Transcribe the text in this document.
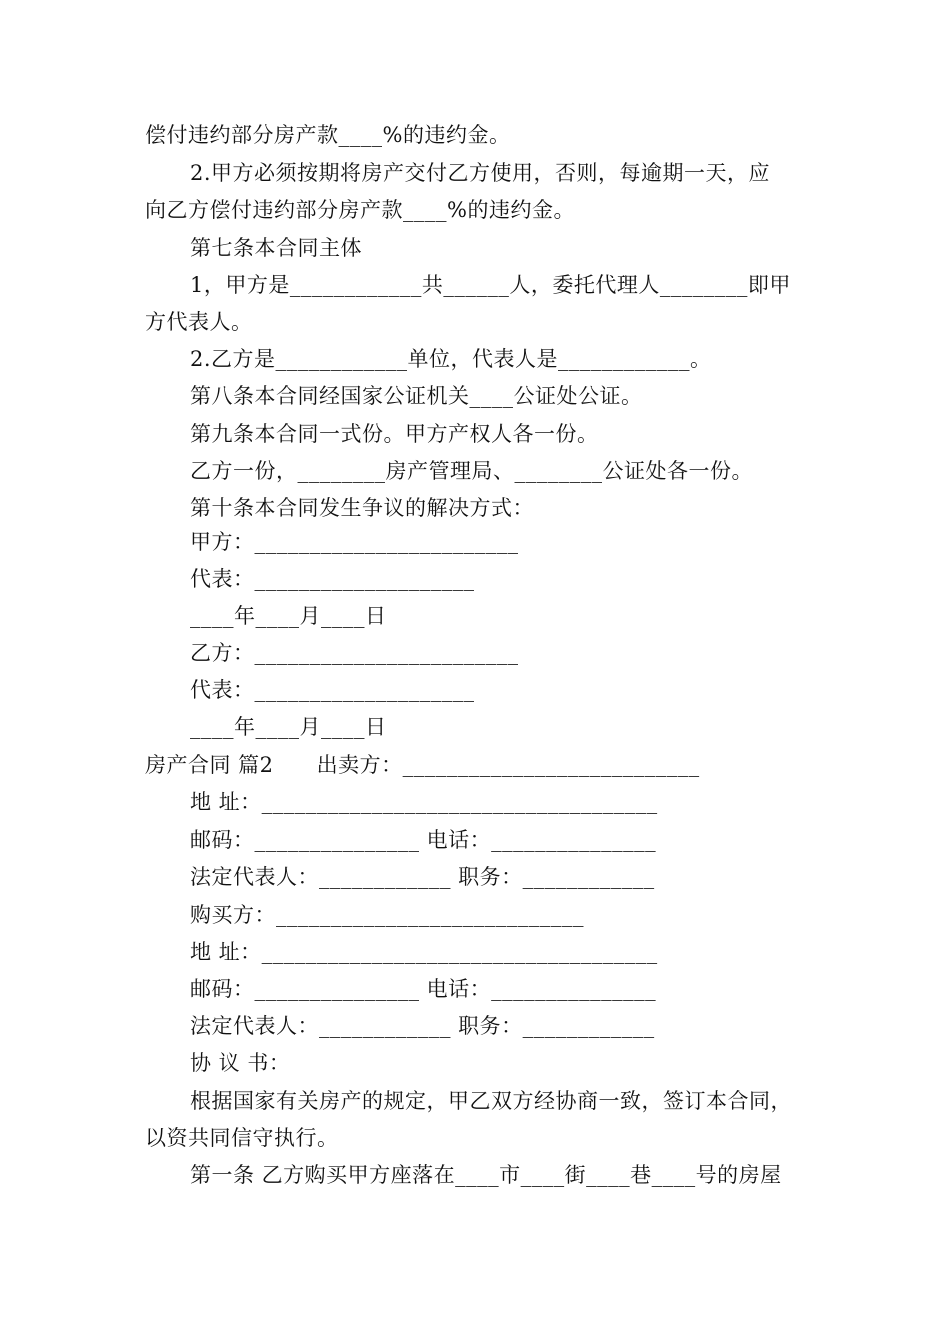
偿付违约部分房产款____%的违约金。
2.甲方必须按期将房产交付乙方使用，否则，每逾期一天，应
向乙方偿付违约部分房产款____%的违约金。
第七条本合同主体
1，甲方是____________共______人，委托代理人________即甲
方代表人。
2.乙方是____________单位，代表人是____________。
第八条本合同经国家公证机关____公证处公证。
第九条本合同一式份。甲方产权人各一份。
乙方一份，________房产管理局、________公证处各一份。
第十条本合同发生争议的解决方式：
甲方：________________________
代表：____________________
____年____月____日
乙方：________________________
代表：____________________
____年____月____日
房产合同 篇2      出卖方：___________________________
地 址：____________________________________
邮码：_______________ 电话：_______________
法定代表人：____________ 职务：____________
购买方：____________________________
地 址：____________________________________
邮码：_______________ 电话：_______________
法定代表人：____________ 职务：____________
协 议 书：
根据国家有关房产的规定，甲乙双方经协商一致，签订本合同，
以资共同信守执行。
第一条 乙方购买甲方座落在____市____街____巷____号的房屋
